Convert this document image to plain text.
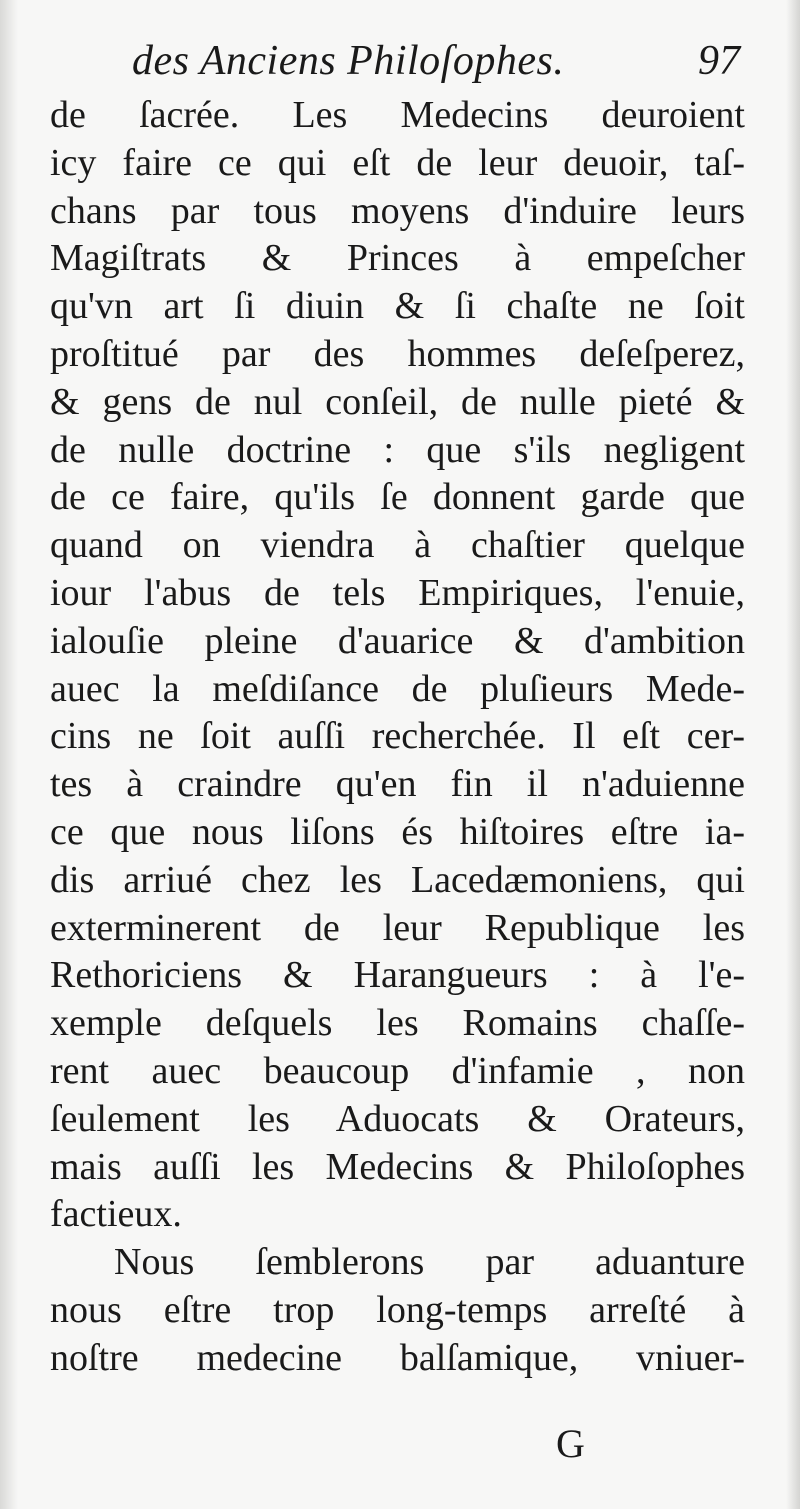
des Anciens Philoſophes.	97
de ſacrée. Les Medecins deuroient
icy faire ce qui eſt de leur deuoir, taſ-
chans par tous moyens d'induire leurs
Magiſtrats & Princes à empeſcher
qu'vn art ſi diuin & ſi chaſte ne ſoit
proſtitué par des hommes deſeſperez,
& gens de nul conſeil, de nulle pieté &
de nulle doctrine : que s'ils negligent
de ce faire, qu'ils ſe donnent garde que
quand on viendra à chaſtier quelque
iour l'abus de tels Empiriques, l'enuie,
ialouſie pleine d'auarice & d'ambition
auec la meſdiſance de pluſieurs Mede-
cins ne ſoit auſſi recherchée. Il eſt cer-
tes à craindre qu'en fin il n'aduienne
ce que nous liſons és hiſtoires eſtre ia-
dis arriué chez les Lacedæmoniens, qui
exterminerent de leur Republique les
Rethoriciens & Harangueurs : à l'e-
xemple deſquels les Romains chaſſe-
rent auec beaucoup d'infamie , non
ſeulement les Aduocats & Orateurs,
mais auſſi les Medecins & Philoſophes
factieux.
Nous ſemblerons par aduanture
nous eſtre trop long-temps arreſté à
noſtre medecine balſamique, vniuer-
G
